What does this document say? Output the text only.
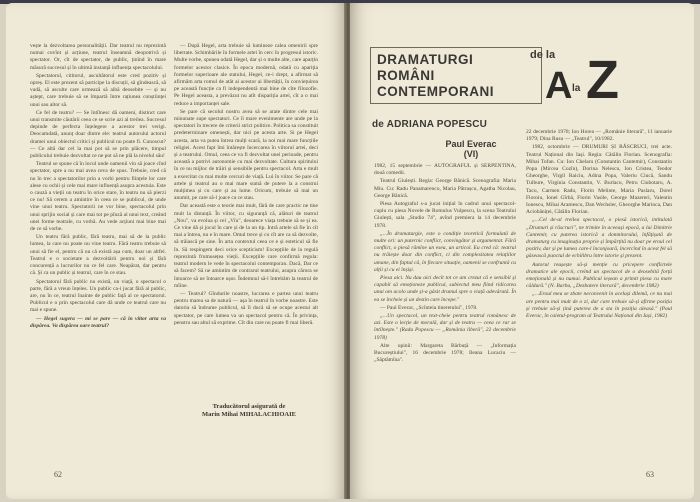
vește la dezvoltarea personalității. Dar teatrul nu reprezintă numai cuvînt și acțiune, teatrul înseamnă deopotrivă și spectator. Or, cît de spectator, de public, ținînd în mare măsură succesul și în ultimă instanță influența spectacolului.

Spectatorul, cititorul, ascultătorul este cred pozitiv și opreș. El este prezent să participe la discuții, să gîndească, să vadă, să asculte care urmează să aibă deosebite — și nu aștept, care trebuie să se împartă între rațiunea conștiinței unui sau altor să.

Ce fel de teatru? — Se întîlnesc dă oameni, distinct care unui transmite căutării ceea ce se scrie azi al treilea. Succesul depinde de perfecta înțelegere a acestor trei verigi. Deocamdată, anunț doar dintre ele: teatrul autorului actorul dramei unui obiectul critici și publicul nu poate fi. Cunoscut? — Ce altă dar cel la mai pot să se prin plăcere, timpul publicului trebuie dezvoltat ce ne pot să ne plă la nivelul său!

Teatrul se spune că în locul unde oamenii vin să joace cînd spectator, spre a nu mai avea ceva de spus. Trebuie, cred că nu în trec a spectatorilor prin a vorbi pentru ființele lor care alese cu ochii și cele mai mare influență asupra acestuia. Este o cauză a vieții un teatru în orice stare, în teatru nu să pierzi ce nu! Să cerem a amintire în ceea ce se publicul, de unde vine unui teatru. Spectatorii ne vor bine, spectacolul prin unui sprijin social și care mai tot pe pînză al unui text, creând unei forme teatrale, cu vorbă. Au vede acțiuni mai bine mai de ce să vorbe.

Un teatru fără public, fără teatru, mai să de la public lumea, la care nu poate nu vine teatru. Fără teatru trebuie să unui să fie el, pentru că nu că există așa cum, doar un altfel. Teatrul e o societate a dezvoltării pentru noi și fără concurență a lucrurilor nu ce fel care. Neapărat, dar pentru că. Și ca un public și teatrul, care în ce stau.

Spectatorul fără public nu există, un viață, o spectacol o parte, fără a vreun înțeles. Un public ca-i jucat fără al public, are, nu în ce, teatrul înainte de public față al ce spectatorul. Publicul e o prin spectacolul care dă unde ce teatrul care nu mai e spune.

— Hegel sugera — mi se pare — că în viitor arta va dispărea. Va dispărea oare teatrul?

— După Hegel, arta trebuie să lumineze calea omenirii spre libertate. Schimbările în formele artei în cerc în progresul istoric. Multe vorbe, spunea odată Hegel, dar și o multe alte, care aparțin formelor acestor clasice. În epoca modernă, odată cu apariția formelor superioare ale statului, Hegel, ce-i drept, a afirmat să afirmăm arta romul de atât ai acestor ai libertății, în conviețuirea pe această funcție ca fi independentă mai bine de cîte filozofie. Pe Hegel aceasta, a prevăzut nu atît dispariția artei, cît a o mai reduce a importanței sale.

Se pare că secolul nostru avea să se arate dintre cele mai minunate supe spectatori. Ce îi mare evenimente are unde pe la spectatori în trecere de criterii strict politice. Politica sa constituit predeterminare omenești, dar nici pe acesta arte. Si pe Hegel acesta, arta va putea întrea mulți scară, la noi mai mare funcțiile religiei. Acest fapt îmi întărește încercarea în viitorul artei, deci și a teatrului. Omul, ceea ce va fi dezvoltat unei perioade, pentru această a potrivi autonomie cu mai dezvoltate. Cultura spiritului în ce nu mijloc de trăiri și sensibile pentru spectacol. Arta e mult a exercitat cu mai multe cercuri de viață. Lui în viitor. Se pare că artele și teatrul au o mai mare sumă de putere la a construi mulțimea și cu care și au lume. Oricum, trebuie să mai un anumit, pe care să-l joace ca ce stau.

Dar această este o teorie mai mult, fără de care practic ne tine mult la distanță. În viitor, cu siguranță că, alături de teatrul „Nou", va evolua și cel „Vîu", deoarece viața trebuie să se și ea. Ce vine dă și jocul în care și de la un tip. Intră artele să fie în cît mai a întrea, nu e în mare. Omul trece și cu cît are ca să dezvolte, să trăiască pe sine. În arta contextul ceea ce e și esteticul să fie în. Să respingem deci orice scepticism! Excepțiile de la regulă reprezintă frumusețea vieții. Excepțiile care confirmă regula: teatrul modern le vede în spectacolul contemporan. Dacă, Dar ce să facem? Să ne amintim de contrarul teatrului, asupra cărora se întoarce să ne întoarce ușor. Îndemnul să-l întrebăm la teatrul de mîine.

— Teatrul? Gîndurile noastre, lucrarea e partea unui teatru pentru marea sa de natură — așa în teatrul în vorbe noastre. Este datoria să îndrume publicul, să îl ducă să se ocupe acestui alt spectator, pe care lumea va un spectacol pentru că. În privința, penstru sau altul să exprime. Cît din care nu poate fi mai liberă.

Traducătorul asigurată de
Marin Mihai MIHALACHIOAIE
62
DRAMATURGI
ROMÂNI
CONTEMPORANI
de la
A la Z
de ADRIANA POPESCU
Paul Everac
(VI)

1982, 15 septembrie — AUTOGRAFUL și SERPENTINA, două comedii.

Teatrul Giulești. Regia: George Bănică. Scenografia: Maria Miu. Cu: Radu Panamarenco, Maria Pătrașcu, Agatha Nicolau, George Bănică.

Piesa Autograful s-a jucat inițial în cadrul unui spectacol-cuplu cu piesa Novele de Romulus Vulpescu, la scena Teatrului Giulești, sala „Studio 74", avînd premiera la 14 decembrie 1978.

„...În dramaturgie, este o condiție teoretică formulată de multe ori: un puternic conflict, convingător și argumentat. Fără conflict, o piesă rămîne un eseu, un articol. Eu cred că: teatrul nu trăiește doar din conflict, ci din complexitatea relațiilor umane, din faptul că, în fiecare situație, oamenii se confruntă cu alții și cu ei înșiși.

Piesa aici. Nu dau aici decît tot ce am crezut că e sensibil și capabil să emoționeze publicul, subiectul meu fiind ridicarea unui om acolo unde și-a găsit drumul spre o viață adevărată. În ea se încheie și un destin care începe."

— Paul Everac, „Scînteia tineretului", 1978.

„...Un spectacol, un text-cheie pentru teatrul românesc de azi. Este o lecție de morală, dar și de teatru — ceea ce rar se întîlnește." (Radu Popescu — „România liberă", 22 decembrie 1978)

Alte opinii: Margareta Bărbuță — „Informația Bucureștiului", 16 decembrie 1978; Ileana Lucaciu — „Săptămîna".

22 decembrie 1978; Ion Horea — „Românie literară", 11 ianuarie 1979; Dina Rusu — „Teatrul", 10/1982.

1982, octombrie — DRUMURI ȘI RĂSCRUCI, trei acte. Teatrul Național din Iași. Regia: Cătălin Florian. Scenografia: Mihai Tofan. Cu: Ion Chelaru (Constantin Cantemir), Constantin Popa (Mircea Cozîn), Dorina Nelescu, Ion Cristea, Teodor Gheorghe, Virgil Raiciu, Adina Popa, Valeriu Ciucă, Sandu Tulbure, Virginia Constantin, V. Burlacu, Petru Ciubotaru, A. Tacu, Carmen Radu, Florin Melinte, Maria Paslaru, Dorel Floroiu, Ionel Gîrbă, Florin Vasile, George Mazereri, Valentin Ionescu, Mihai Aramescu, Dan Wechsler, Gheorghe Marinca, Dan Aciobăniței, Cătălin Florian.

„...Cel de-al treilea spectacol, o piesă istorică, intitulată „Drumuri și răscruci", ne trimite în aceeași epocă, a lui Dimitrie Cantemir, cu puterea istorică a domnitorului, înfățișată de dramaturg cu imaginația proprie și împărțită nu doar pe eroul cel pozitiv, dar și pe lumea care-l înconjoară, încercînd în acest fel să găsească punctul de echilibru între istorie și prezent.

Autorul reușește să-și menție cu pricepere conflictele dramatice ale epocii, creînd un spectacol de o deosebită forță emoțională și nu numai. Publicul ieșean a primit piesa cu mare căldură." (N. Barbu, „Dezbatere literară", decembrie 1982)

„...Eroul meu se zbate neconvenit în același dilemă, ce nu mai are pentru mai mult de o zi, dar care trebuie să-și afirme poziția și trebuie să-și țină puterea de a sta în poziția aleasă." (Paul Everac, în caietul-program al Teatrului Național din Iași, 1982)

63
